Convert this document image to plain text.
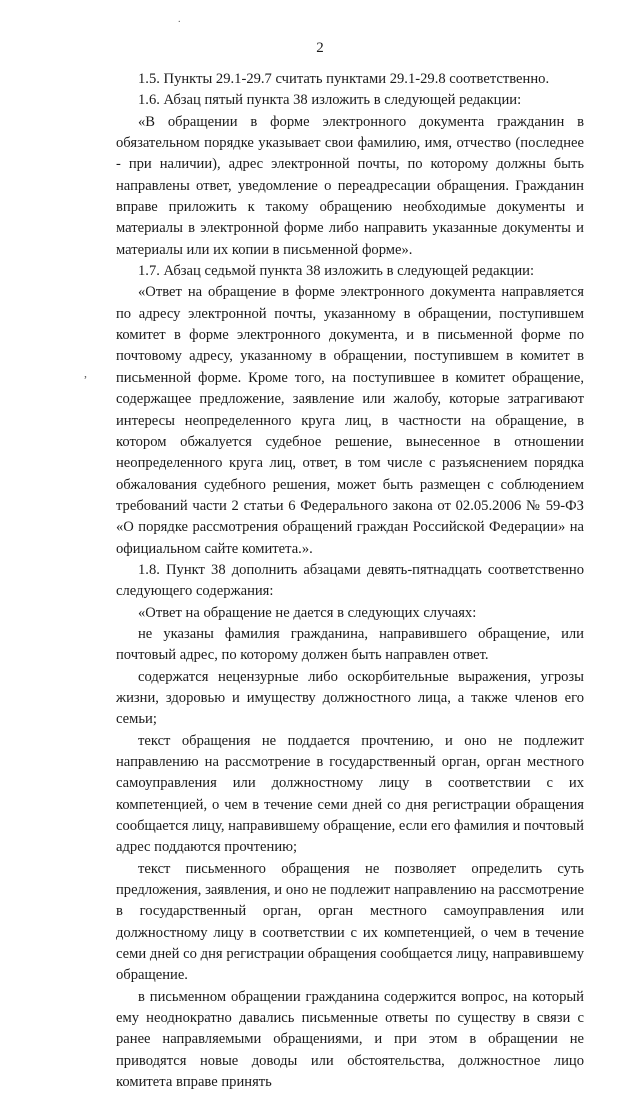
.
,
2

1.5. Пункты 29.1-29.7 считать пунктами 29.1-29.8 соответственно.

1.6. Абзац пятый пункта 38 изложить в следующей редакции:

«В обращении в форме электронного документа гражданин в обязательном порядке указывает свои фамилию, имя, отчество (последнее - при наличии), адрес электронной почты, по которому должны быть направлены ответ, уведомление о переадресации обращения. Гражданин вправе приложить к такому обращению необходимые документы и материалы в электронной форме либо направить указанные документы и материалы или их копии в письменной форме».

1.7. Абзац седьмой пункта 38 изложить в следующей редакции:

«Ответ на обращение в форме электронного документа направляется по адресу электронной почты, указанному в обращении, поступившем комитет в форме электронного документа, и в письменной форме по почтовому адресу, указанному в обращении, поступившем в комитет в письменной форме. Кроме того, на поступившее в комитет обращение, содержащее предложение, заявление или жалобу, которые затрагивают интересы неопределенного круга лиц, в частности на обращение, в котором обжалуется судебное решение, вынесенное в отношении неопределенного круга лиц, ответ, в том числе с разъяснением порядка обжалования судебного решения, может быть размещен с соблюдением требований части 2 статьи 6 Федерального закона от 02.05.2006 № 59-ФЗ «О порядке рассмотрения обращений граждан Российской Федерации» на официальном сайте комитета.».

1.8. Пункт 38 дополнить абзацами девять-пятнадцать соответственно следующего содержания:

«Ответ на обращение не дается в следующих случаях:

не указаны фамилия гражданина, направившего обращение, или почтовый адрес, по которому должен быть направлен ответ.

содержатся нецензурные либо оскорбительные выражения, угрозы жизни, здоровью и имуществу должностного лица, а также членов его семьи;

текст обращения не поддается прочтению, и оно не подлежит направлению на рассмотрение в государственный орган, орган местного самоуправления или должностному лицу в соответствии с их компетенцией, о чем в течение семи дней со дня регистрации обращения сообщается лицу, направившему обращение, если его фамилия и почтовый адрес поддаются прочтению;

текст письменного обращения не позволяет определить суть предложения, заявления, и оно не подлежит направлению на рассмотрение в государственный орган, орган местного самоуправления или должностному лицу в соответствии с их компетенцией, о чем в течение семи дней со дня регистрации обращения сообщается лицу, направившему обращение.

в письменном обращении гражданина содержится вопрос, на который ему неоднократно давались письменные ответы по существу в связи с ранее направляемыми обращениями, и при этом в обращении не приводятся новые доводы или обстоятельства, должностное лицо комитета вправе принять
